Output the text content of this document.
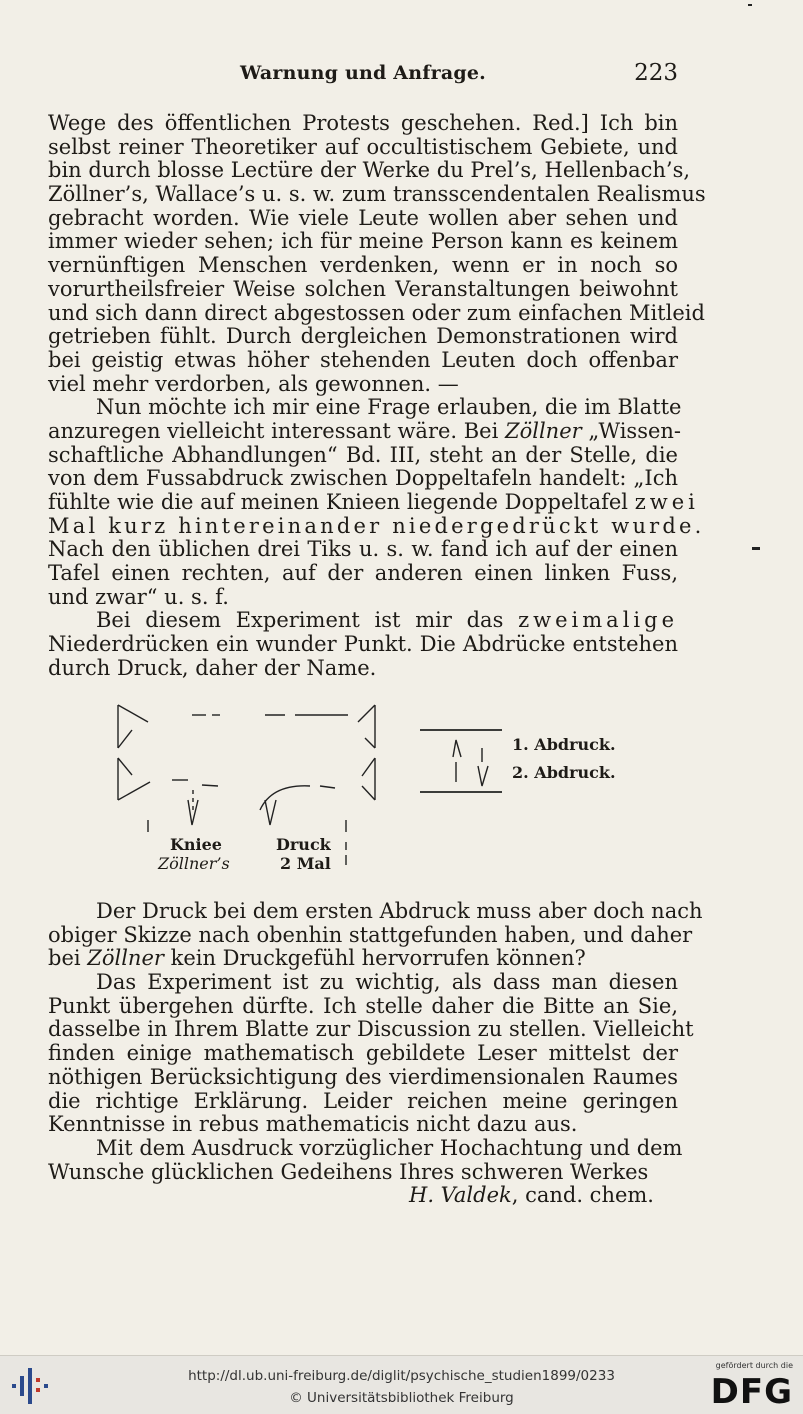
Warnung und Anfrage.	223
Wege des öffentlichen Protests geschehen. Red.] Ich bin
selbst reiner Theoretiker auf occultistischem Gebiete, und
bin durch blosse Lectüre der Werke du Prel’s, Hellenbach’s,
Zöllner’s, Wallace’s u. s. w. zum transscendentalen Realismus
gebracht worden. Wie viele Leute wollen aber sehen und
immer wieder sehen; ich für meine Person kann es keinem
vernünftigen Menschen verdenken, wenn er in noch so
vorurtheilsfreier Weise solchen Veranstaltungen beiwohnt
und sich dann direct abgestossen oder zum einfachen Mitleid
getrieben fühlt. Durch dergleichen Demonstrationen wird
bei geistig etwas höher stehenden Leuten doch offenbar
viel mehr verdorben, als gewonnen. —
Nun möchte ich mir eine Frage erlauben, die im Blatte
anzuregen vielleicht interessant wäre. Bei Zöllner „Wissen-
schaftliche Abhandlungen“ Bd. III, steht an der Stelle, die
von dem Fussabdruck zwischen Doppeltafeln handelt: „Ich
fühlte wie die auf meinen Knieen liegende Doppeltafel zwei
Mal kurz hintereinander niedergedrückt wurde.
Nach den üblichen drei Tiks u. s. w. fand ich auf der einen
Tafel einen rechten, auf der anderen einen linken Fuss,
und zwar“ u. s. f.
Bei diesem Experiment ist mir das zweimalige
Niederdrücken ein wunder Punkt. Die Abdrücke entstehen
durch Druck, daher der Name.
1. Abdruck.
2. Abdruck.
Kniee
Zöllner’s
Druck
2 Mal
Der Druck bei dem ersten Abdruck muss aber doch nach
obiger Skizze nach obenhin stattgefunden haben, und daher
bei Zöllner kein Druckgefühl hervorrufen können?
Das Experiment ist zu wichtig, als dass man diesen
Punkt übergehen dürfte. Ich stelle daher die Bitte an Sie,
dasselbe in Ihrem Blatte zur Discussion zu stellen. Vielleicht
finden einige mathematisch gebildete Leser mittelst der
nöthigen Berücksichtigung des vierdimensionalen Raumes
die richtige Erklärung. Leider reichen meine geringen
Kenntnisse in rebus mathematicis nicht dazu aus.
Mit dem Ausdruck vorzüglicher Hochachtung und dem
Wunsche glücklichen Gedeihens Ihres schweren Werkes
H. Valdek, cand. chem.
http://dl.ub.uni-freiburg.de/diglit/psychische_studien1899/0233
© Universitätsbibliothek Freiburg
gefördert durch die
DFG
